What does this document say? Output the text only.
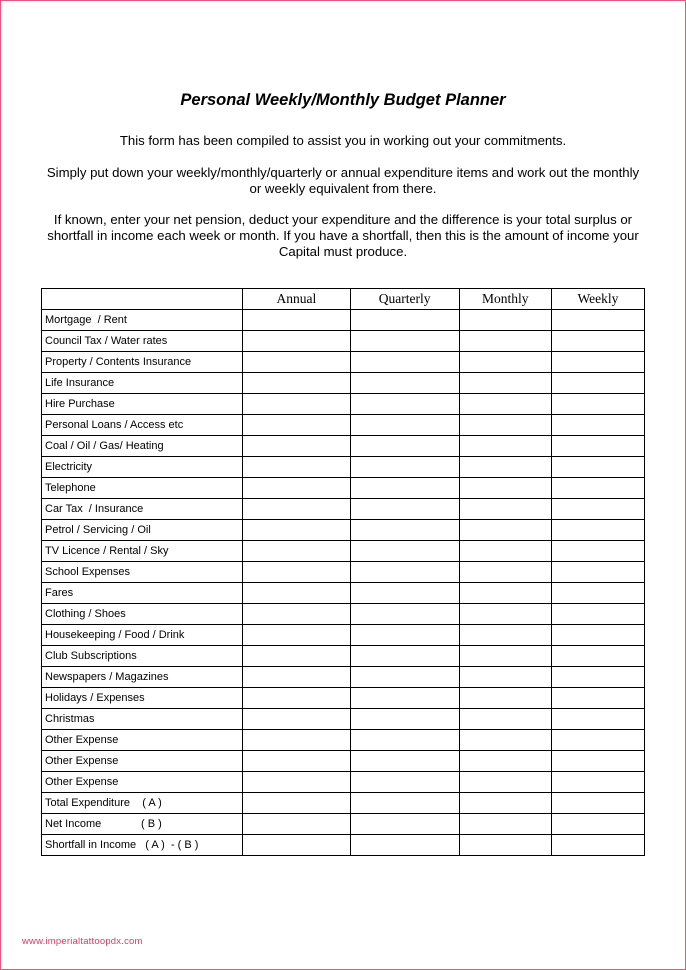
Personal Weekly/Monthly Budget Planner
This form has been compiled to assist you in working out your commitments.
Simply put down your weekly/monthly/quarterly or annual expenditure items and work out the monthly or weekly equivalent from there.
If known, enter your net pension, deduct your expenditure and the difference is your total surplus or shortfall in income each week or month. If you have a shortfall, then this is the amount of income your Capital must produce.
	Annual	Quarterly	Monthly	Weekly
Mortgage  / Rent				
Council Tax / Water rates				
Property / Contents Insurance				
Life Insurance				
Hire Purchase				
Personal Loans / Access etc				
Coal / Oil / Gas/ Heating				
Electricity				
Telephone				
Car Tax  / Insurance				
Petrol / Servicing / Oil				
TV Licence / Rental / Sky				
School Expenses				
Fares				
Clothing / Shoes				
Housekeeping / Food / Drink				
Club Subscriptions				
Newspapers / Magazines				
Holidays / Expenses				
Christmas				
Other Expense				
Other Expense				
Other Expense				
Total Expenditure    ( A )				
Net Income             ( B )				
Shortfall in Income   ( A )  - ( B )				
www.imperialtattoopdx.com
